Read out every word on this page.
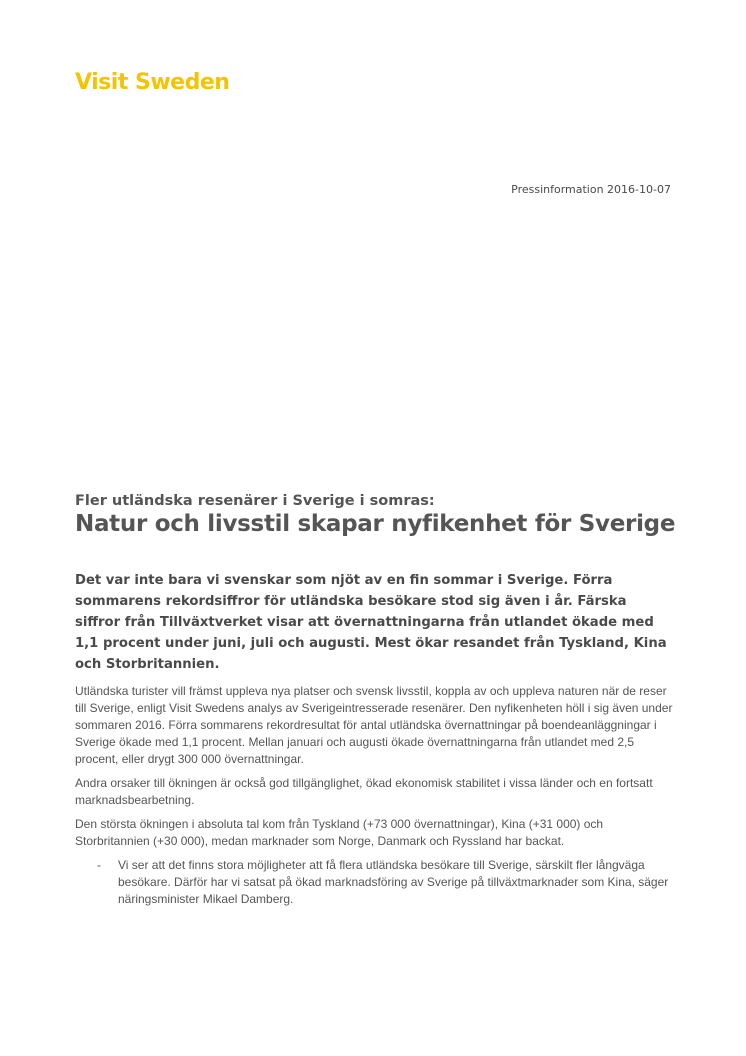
Visit Sweden
Pressinformation 2016-10-07
Fler utländska resenärer i Sverige i somras:
Natur och livsstil skapar nyfikenhet för Sverige
Det var inte bara vi svenskar som njöt av en fin sommar i Sverige. Förra sommarens rekordsiffror för utländska besökare stod sig även i år. Färska siffror från Tillväxtverket visar att övernattningarna från utlandet ökade med 1,1 procent under juni, juli och augusti. Mest ökar resandet från Tyskland, Kina och Storbritannien.

Utländska turister vill främst uppleva nya platser och svensk livsstil, koppla av och uppleva naturen när de reser till Sverige, enligt Visit Swedens analys av Sverigeintresserade resenärer. Den nyfikenheten höll i sig även under sommaren 2016. Förra sommarens rekordresultat för antal utländska övernattningar på boendeanläggningar i Sverige ökade med 1,1 procent. Mellan januari och augusti ökade övernattningarna från utlandet med 2,5 procent, eller drygt 300 000 övernattningar.

Andra orsaker till ökningen är också god tillgänglighet, ökad ekonomisk stabilitet i vissa länder och en fortsatt marknadsbearbetning.

Den största ökningen i absoluta tal kom från Tyskland (+73 000 övernattningar), Kina (+31 000) och Storbritannien (+30 000), medan marknader som Norge, Danmark och Ryssland har backat.

-	Vi ser att det finns stora möjligheter att få flera utländska besökare till Sverige, särskilt fler långväga besökare. Därför har vi satsat på ökad marknadsföring av Sverige på tillväxtmarknader som Kina, säger näringsminister Mikael Damberg.
